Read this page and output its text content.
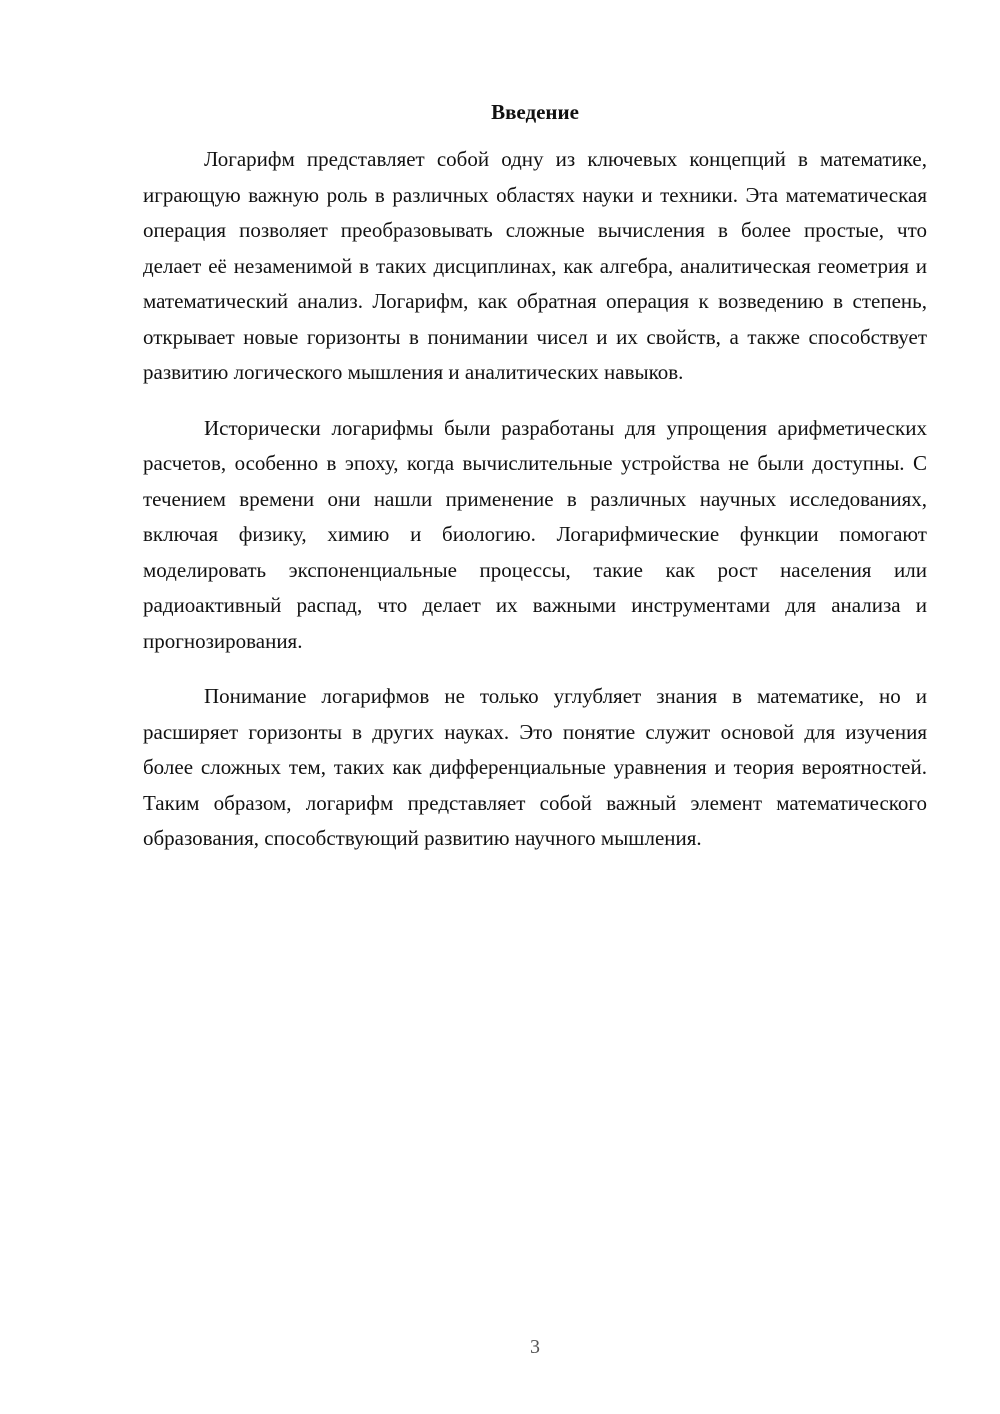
Введение

Логарифм представляет собой одну из ключевых концепций в математике, играющую важную роль в различных областях науки и техники. Эта математическая операция позволяет преобразовывать сложные вычисления в более простые, что делает её незаменимой в таких дисциплинах, как алгебра, аналитическая геометрия и математический анализ. Логарифм, как обратная операция к возведению в степень, открывает новые горизонты в понимании чисел и их свойств, а также способствует развитию логического мышления и аналитических навыков.

Исторически логарифмы были разработаны для упрощения арифметических расчетов, особенно в эпоху, когда вычислительные устройства не были доступны. С течением времени они нашли применение в различных научных исследованиях, включая физику, химию и биологию. Логарифмические функции помогают моделировать экспоненциальные процессы, такие как рост населения или радиоактивный распад, что делает их важными инструментами для анализа и прогнозирования.

Понимание логарифмов не только углубляет знания в математике, но и расширяет горизонты в других науках. Это понятие служит основой для изучения более сложных тем, таких как дифференциальные уравнения и теория вероятностей. Таким образом, логарифм представляет собой важный элемент математического образования, способствующий развитию научного мышления.

3
